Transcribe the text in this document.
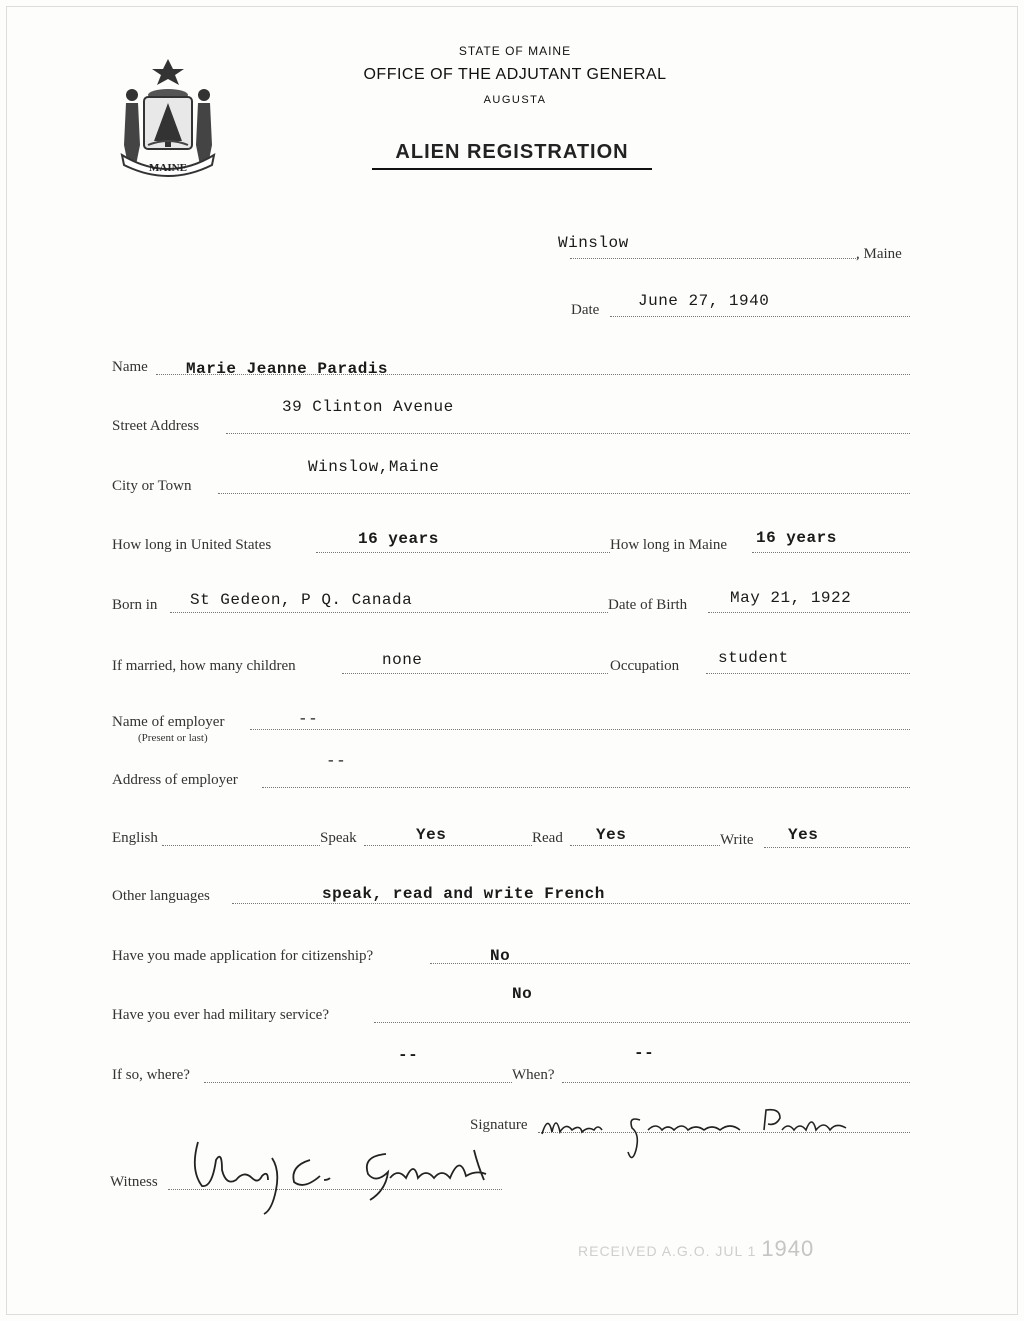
MAINE
STATE OF MAINE
OFFICE OF THE ADJUTANT GENERAL
AUGUSTA
ALIEN REGISTRATION
Winslow
, Maine
Date June 27, 1940
Name Marie Jeanne Paradis
Street Address
39 Clinton Avenue
City or Town
Winslow,Maine
How long in United States	16 years	How long in Maine 16 years
Born in St Gedeon, P Q. Canada	Date of Birth	May 21, 1922
If married, how many children	none	Occupation student
Name of employer
(Present or last)
--
Address of employer
--
English	Speak	Yes	Read Yes	Write Yes
Other languages	speak, read and write French
Have you made application for citizenship?	No
Have you ever had military service?
No
If so, where?
--
When?
--
Signature
Witness
RECEIVED A.G.O. JUL 1 1940
